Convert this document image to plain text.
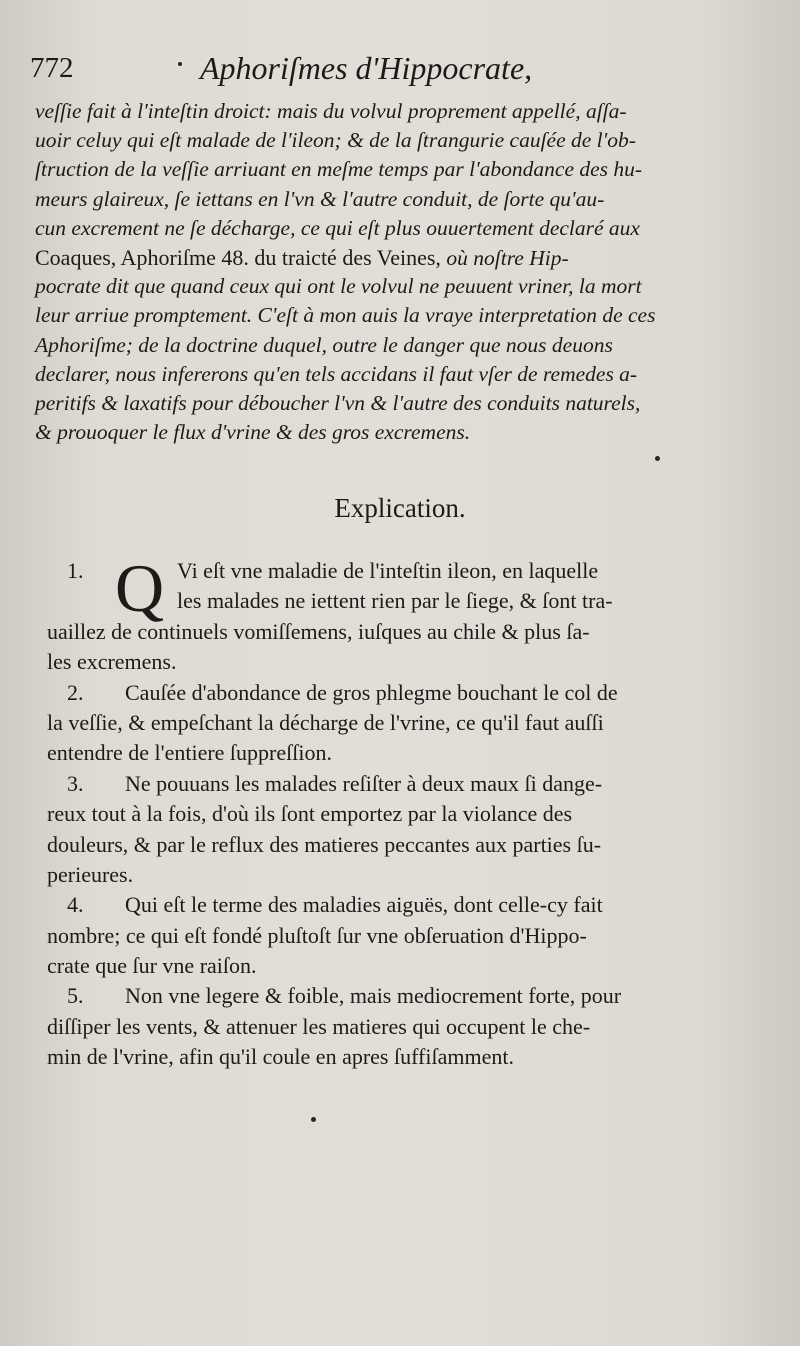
772	Aphoriſmes d'Hippocrate,
veſſie fait à l'inteſtin droict: mais du volvul proprement appellé, aſſa-
uoir celuy qui eſt malade de l'ileon; & de la ſtrangurie cauſée de l'ob-
ſtruction de la veſſie arriuant en meſme temps par l'abondance des hu-
meurs glaireux, ſe iettans en l'vn & l'autre conduit, de ſorte qu'au-
cun excrement ne ſe décharge, ce qui eſt plus ouuertement declaré aux
Coaques, Aphoriſme 48. du traicté des Veines, où noſtre Hip-
pocrate dit que quand ceux qui ont le volvul ne peuuent vriner, la mort
leur arriue promptement. C'eſt à mon auis la vraye interpretation de ces
Aphoriſme; de la doctrine duquel, outre le danger que nous deuons
declarer, nous infererons qu'en tels accidans il faut vſer de remedes a-
peritifs & laxatifs pour déboucher l'vn & l'autre des conduits naturels,
& prouoquer le flux d'vrine & des gros excremens.
Explication.
1. Q Vi eſt vne maladie de l'inteſtin ileon, en laquelle
les malades ne iettent rien par le ſiege, & ſont tra-
uaillez de continuels vomiſſemens, iuſques au chile & plus ſa-
les excremens.
2. Cauſée d'abondance de gros phlegme bouchant le col de
la veſſie, & empeſchant la décharge de l'vrine, ce qu'il faut auſſi
entendre de l'entiere ſuppreſſion.
3. Ne pouuans les malades reſiſter à deux maux ſi dange-
reux tout à la fois, d'où ils ſont emportez par la violance des
douleurs, & par le reflux des matieres peccantes aux parties ſu-
perieures.
4. Qui eſt le terme des maladies aiguës, dont celle-cy fait
nombre; ce qui eſt fondé pluſtoſt ſur vne obſeruation d'Hippo-
crate que ſur vne raiſon.
5. Non vne legere & foible, mais mediocrement forte, pour
diſſiper les vents, & attenuer les matieres qui occupent le che-
min de l'vrine, afin qu'il coule en apres ſuffiſamment.
